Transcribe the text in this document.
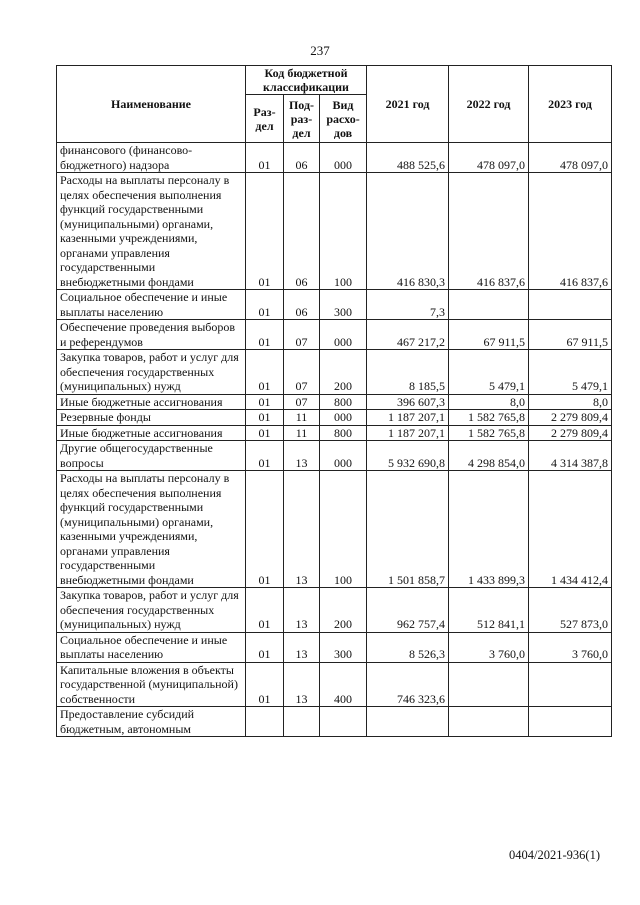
237
Наименование	Код бюджетной классификации			2021 год	2022 год	2023 год
	Раз- дел	Под- раз- дел	Вид расхо- дов			
финансового (финансово-бюджетного) надзора	01	06	000	488 525,6	478 097,0	478 097,0
Расходы на выплаты персоналу в целях обеспечения выполнения функций государственными (муниципальными) органами, казенными учреждениями, органами управления государственными внебюджетными фондами	01	06	100	416 830,3	416 837,6	416 837,6
Социальное обеспечение и иные выплаты населению	01	06	300	7,3		
Обеспечение проведения выборов и референдумов	01	07	000	467 217,2	67 911,5	67 911,5
Закупка товаров, работ и услуг для обеспечения государственных (муниципальных) нужд	01	07	200	8 185,5	5 479,1	5 479,1
Иные бюджетные ассигнования	01	07	800	396 607,3	8,0	8,0
Резервные фонды	01	11	000	1 187 207,1	1 582 765,8	2 279 809,4
Иные бюджетные ассигнования	01	11	800	1 187 207,1	1 582 765,8	2 279 809,4
Другие общегосударственные вопросы	01	13	000	5 932 690,8	4 298 854,0	4 314 387,8
Расходы на выплаты персоналу в целях обеспечения выполнения функций государственными (муниципальными) органами, казенными учреждениями, органами управления государственными внебюджетными фондами	01	13	100	1 501 858,7	1 433 899,3	1 434 412,4
Закупка товаров, работ и услуг для обеспечения государственных (муниципальных) нужд	01	13	200	962 757,4	512 841,1	527 873,0
Социальное обеспечение и иные выплаты населению	01	13	300	8 526,3	3 760,0	3 760,0
Капитальные вложения в объекты государственной (муниципальной) собственности	01	13	400	746 323,6		
Предоставление субсидий бюджетным, автономным						
0404/2021-936(1)
